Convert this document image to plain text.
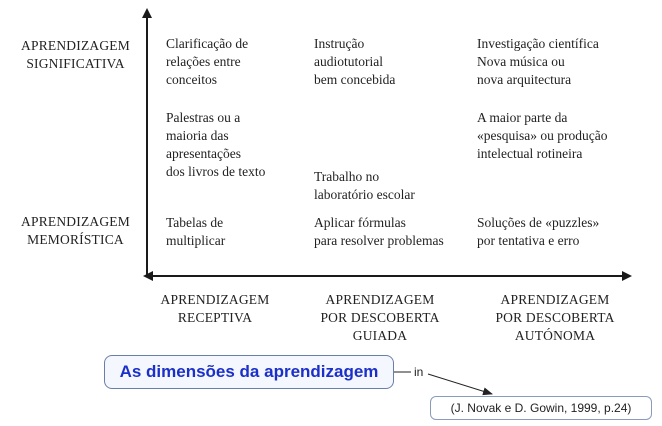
APRENDIZAGEM
SIGNIFICATIVA
APRENDIZAGEM
MEMORÍSTICA
Clarificação de
relações entre
conceitos
Instrução
audiotutorial
bem concebida
Investigação científica
Nova música ou
nova arquitectura
Palestras ou a
maioria das
apresentações
dos livros de texto	Trabalho no
laboratório escolar
A maior parte da
«pesquisa» ou produção
intelectual rotineira
Tabelas de
multiplicar
Aplicar fórmulas
para resolver problemas
Soluções de «puzzles»
por tentativa e erro
APRENDIZAGEM
RECEPTIVA
APRENDIZAGEM
POR DESCOBERTA
GUIADA
APRENDIZAGEM
POR DESCOBERTA
AUTÓNOMA
As dimensões da aprendizagem	in
(J. Novak e D. Gowin, 1999, p.24)
